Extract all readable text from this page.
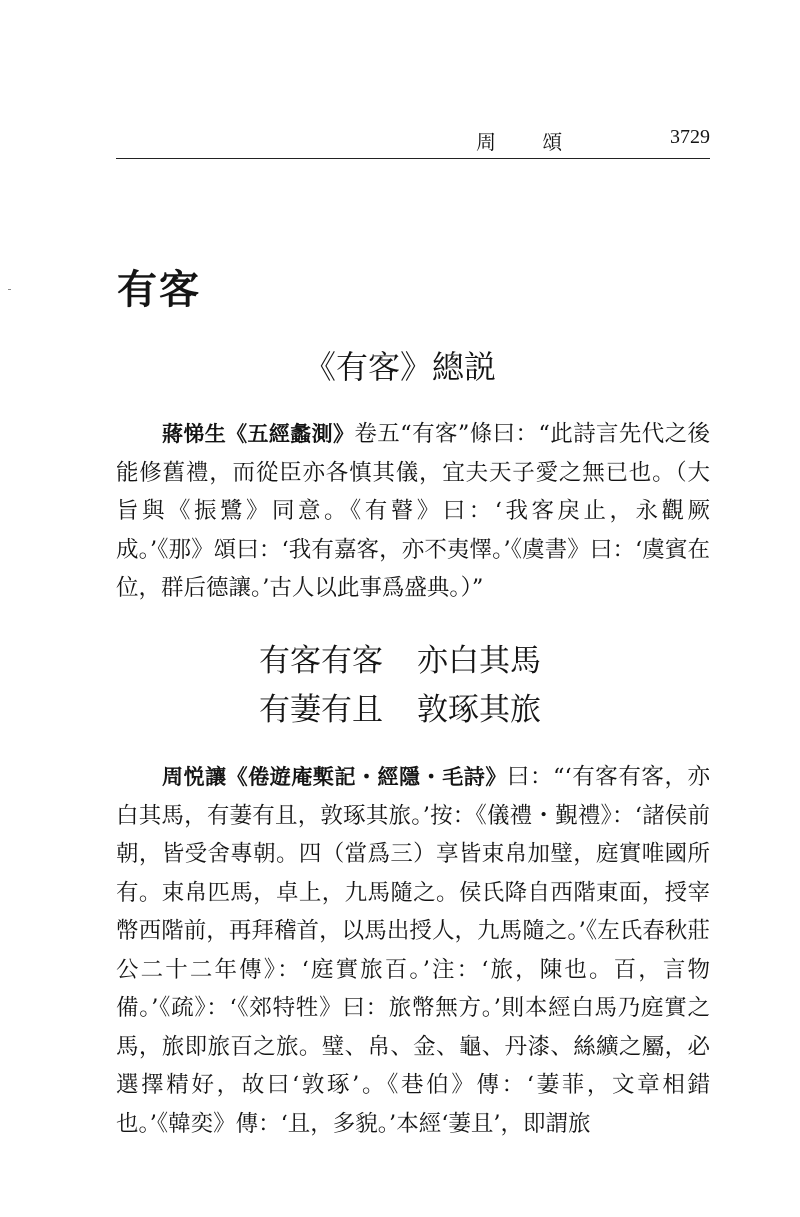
周 頌	3729
有客
《有客》總説

蔣悌生《五經蠡測》卷五“有客”條曰：“此詩言先代之後能修舊禮，而從臣亦各慎其儀，宜夫天子愛之無已也。（大旨與《振鷺》同意。《有瞽》曰：‘我客戾止，永觀厥成。’《那》頌曰：‘我有嘉客，亦不夷懌。’《虞書》曰：‘虞賓在位，群后德讓。’古人以此事爲盛典。）”

有客有客 亦白其馬
有萋有且 敦琢其旅

周悦讓《倦遊庵槧記・經隱・毛詩》曰：“‘有客有客，亦白其馬，有萋有且，敦琢其旅。’按：《儀禮・覲禮》：‘諸侯前朝，皆受舍專朝。四（當爲三）享皆束帛加璧，庭實唯國所有。束帛匹馬，卓上，九馬隨之。侯氏降自西階東面，授宰幣西階前，再拜稽首，以馬出授人，九馬隨之。’《左氏春秋莊公二十二年傳》：‘庭實旅百。’注：‘旅，陳也。百，言物備。’《疏》：‘《郊特牲》曰：旅幣無方。’則本經白馬乃庭實之馬，旅即旅百之旅。璧、帛、金、龜、丹漆、絲纊之屬，必選擇精好，故曰‘敦琢’。《巷伯》傳：‘萋菲，文章相錯也。’《韓奕》傳：‘且，多貌。’本經‘萋且’，即謂旅
